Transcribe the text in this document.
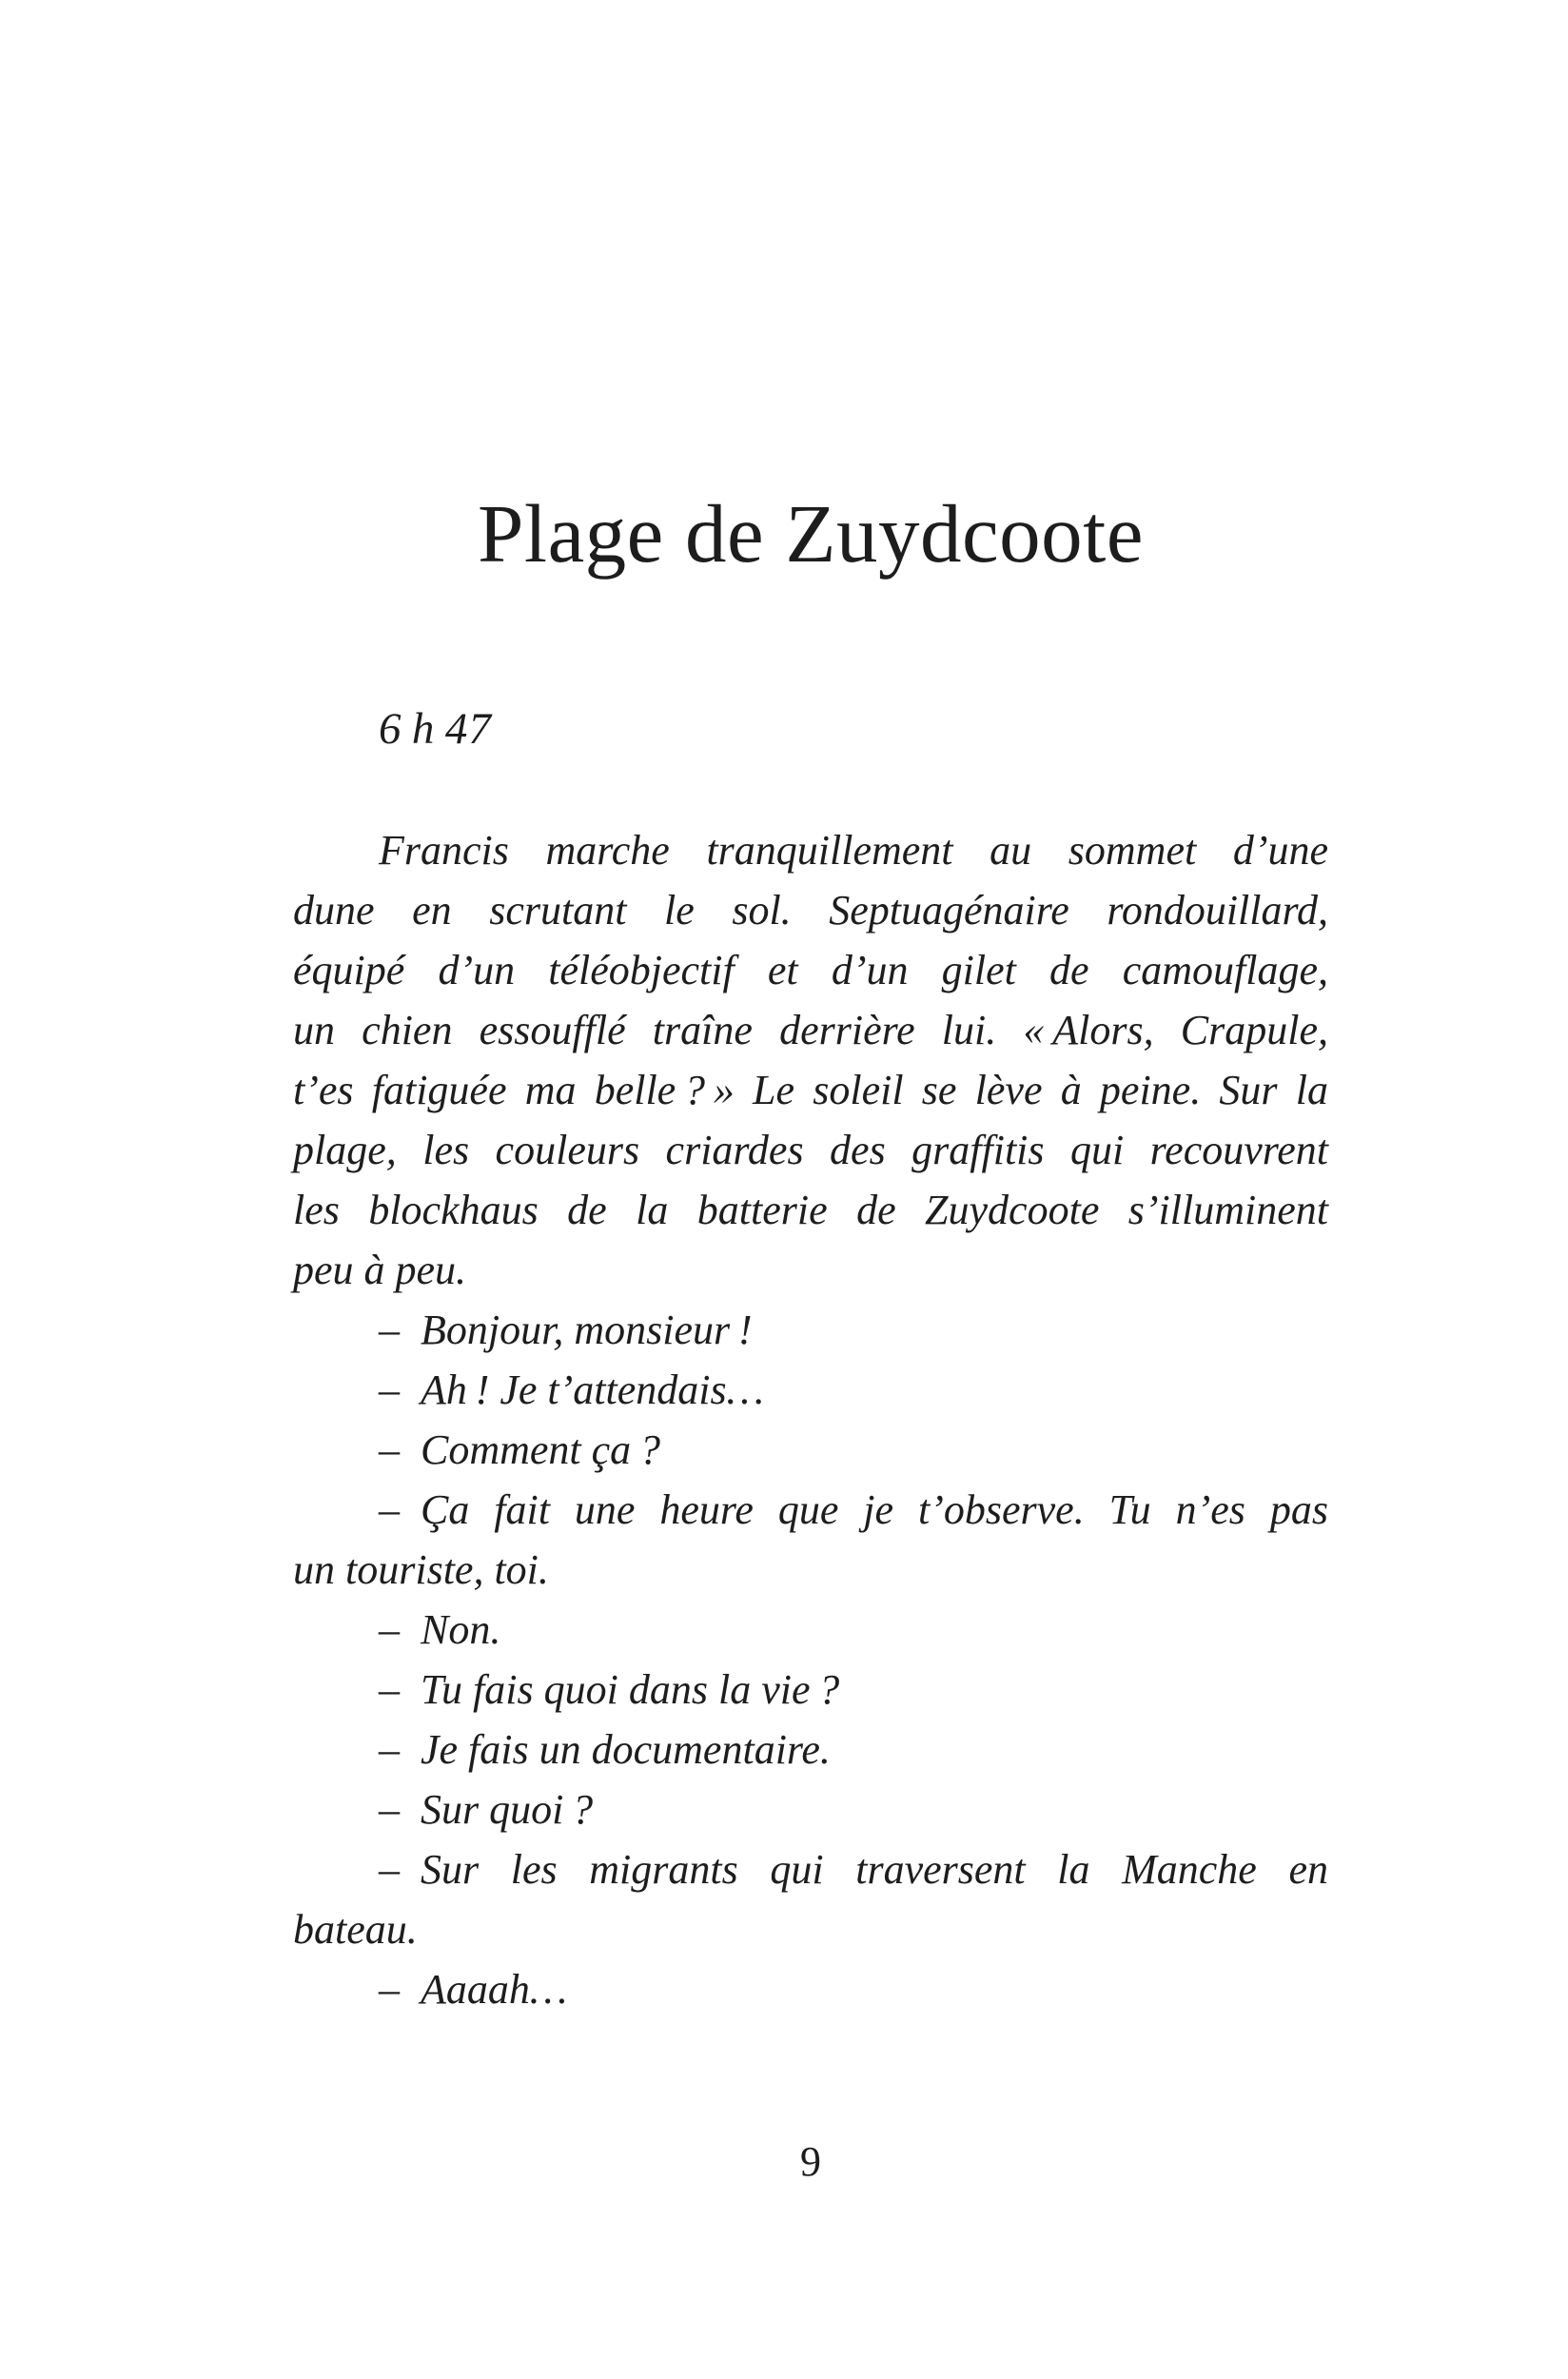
Plage de Zuydcoote
6 h 47
Francis marche tranquillement au sommet d’une
dune en scrutant le sol. Septuagénaire rondouillard,
équipé d’un téléobjectif et d’un gilet de camouflage,
un chien essoufflé traîne derrière lui. « Alors, Crapule,
t’es fatiguée ma belle ? » Le soleil se lève à peine. Sur la
plage, les couleurs criardes des graffitis qui recouvrent
les blockhaus de la batterie de Zuydcoote s’illuminent
peu à peu.
– Bonjour, monsieur !
– Ah ! Je t’attendais…
– Comment ça ?
– Ça fait une heure que je t’observe. Tu n’es pas
un touriste, toi.
– Non.
– Tu fais quoi dans la vie ?
– Je fais un documentaire.
– Sur quoi ?
– Sur les migrants qui traversent la Manche en
bateau.
– Aaaah…
9
